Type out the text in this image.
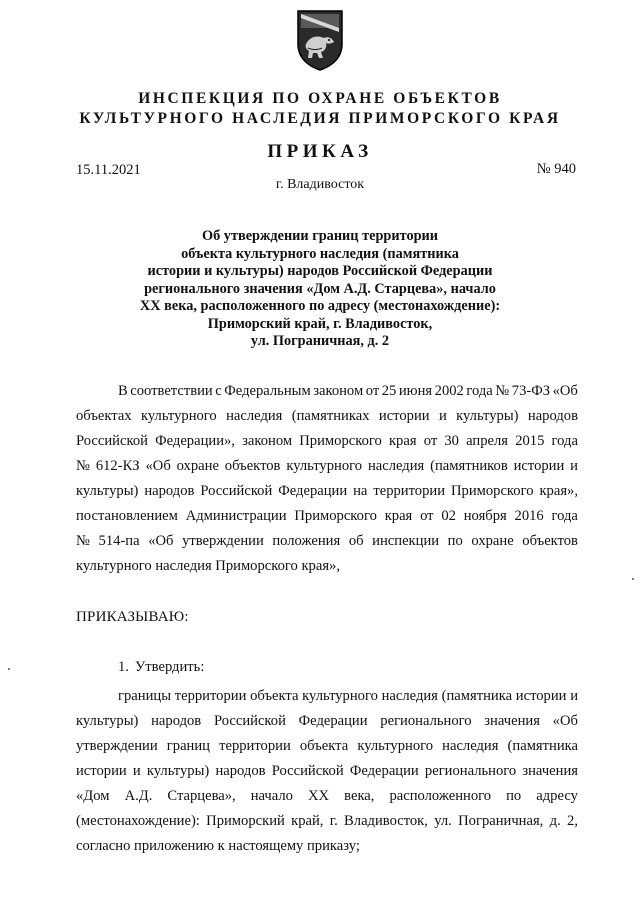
ИНСПЕКЦИЯ ПО ОХРАНЕ ОБЪЕКТОВ
КУЛЬТУРНОГО НАСЛЕДИЯ ПРИМОРСКОГО КРАЯ
ПРИКАЗ
15.11.2021	№ 940
г. Владивосток
Об утверждении границ территории
объекта культурного наследия (памятника
истории и культуры) народов Российской Федерации
регионального значения «Дом А.Д. Старцева», начало
XX века, расположенного по адресу (местонахождение):
Приморский край, г. Владивосток,
ул. Пограничная, д. 2
В соответствии с Федеральным законом от 25 июня 2002 года № 73-ФЗ «Об
объектах культурного наследия (памятниках истории и культуры) народов
Российской Федерации», законом Приморского края от 30 апреля 2015 года
№ 612-КЗ «Об охране объектов культурного наследия (памятников истории и
культуры) народов Российской Федерации на территории Приморского края»,
постановлением Администрации Приморского края от 02 ноября 2016 года
№ 514-па «Об утверждении положения об инспекции по охране объектов
культурного наследия Приморского края»,
ПРИКАЗЫВАЮ:
1. Утвердить:
границы территории объекта культурного наследия (памятника истории и
культуры) народов Российской Федерации регионального значения «Об
утверждении границ территории объекта культурного наследия (памятника
истории и культуры) народов Российской Федерации регионального значения
«Дом А.Д. Старцева», начало XX века, расположенного по адресу
(местонахождение): Приморский край, г. Владивосток, ул. Пограничная, д. 2,
согласно приложению к настоящему приказу;
